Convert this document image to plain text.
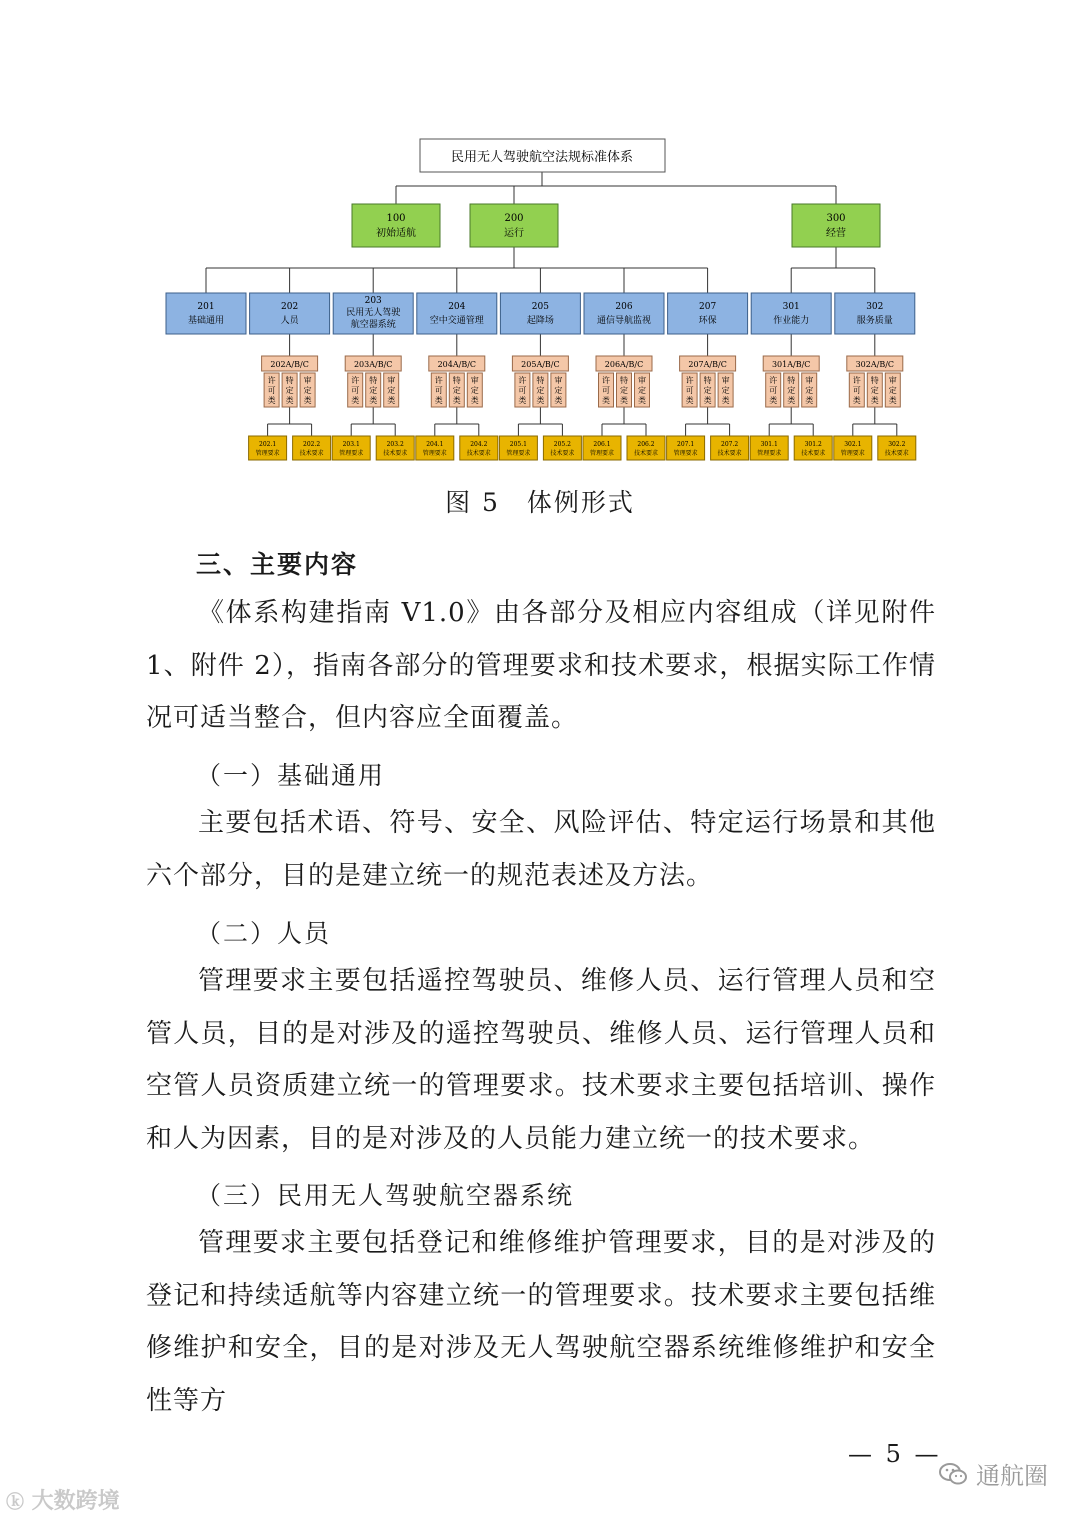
民用无人驾驶航空法规标准体系
100
初始适航
200
运行
300
经营
201
基础通用
202
人员
202A/B/C
许可类
特定类
审定类
202.1 管理要求
202.2 技术要求
203
民用无人驾驶
航空器系统
203A/B/C
许可类
特定类
审定类
203.1 管理要求
203.2 技术要求
204
空中交通管理
204A/B/C
许可类
特定类
审定类
204.1 管理要求
204.2 技术要求
205
起降场
205A/B/C
许可类
特定类
审定类
205.1 管理要求
205.2 技术要求
206
通信导航监视
206A/B/C
许可类
特定类
审定类
206.1 管理要求
206.2 技术要求
207
环保
207A/B/C
许可类
特定类
审定类
207.1 管理要求
207.2 技术要求
301
作业能力
301A/B/C
许可类
特定类
审定类
301.1 管理要求
301.2 技术要求
302
服务质量
302A/B/C
许可类
特定类
审定类
302.1 管理要求
302.2 技术要求
图 5　体例形式
三、主要内容

《体系构建指南 V1.0》由各部分及相应内容组成（详见附件 1、附件 2），指南各部分的管理要求和技术要求，根据实际工作情况可适当整合，但内容应全面覆盖。

（一）基础通用

主要包括术语、符号、安全、风险评估、特定运行场景和其他六个部分，目的是建立统一的规范表述及方法。

（二）人员

管理要求主要包括遥控驾驶员、维修人员、运行管理人员和空管人员，目的是对涉及的遥控驾驶员、维修人员、运行管理人员和空管人员资质建立统一的管理要求。技术要求主要包括培训、操作和人为因素，目的是对涉及的人员能力建立统一的技术要求。

（三）民用无人驾驶航空器系统

管理要求主要包括登记和维修维护管理要求，目的是对涉及的登记和持续适航等内容建立统一的管理要求。技术要求主要包括维修维护和安全，目的是对涉及无人驾驶航空器系统维修维护和安全性等方

— 5 —
ⓚ 大数跨境
通航圈
